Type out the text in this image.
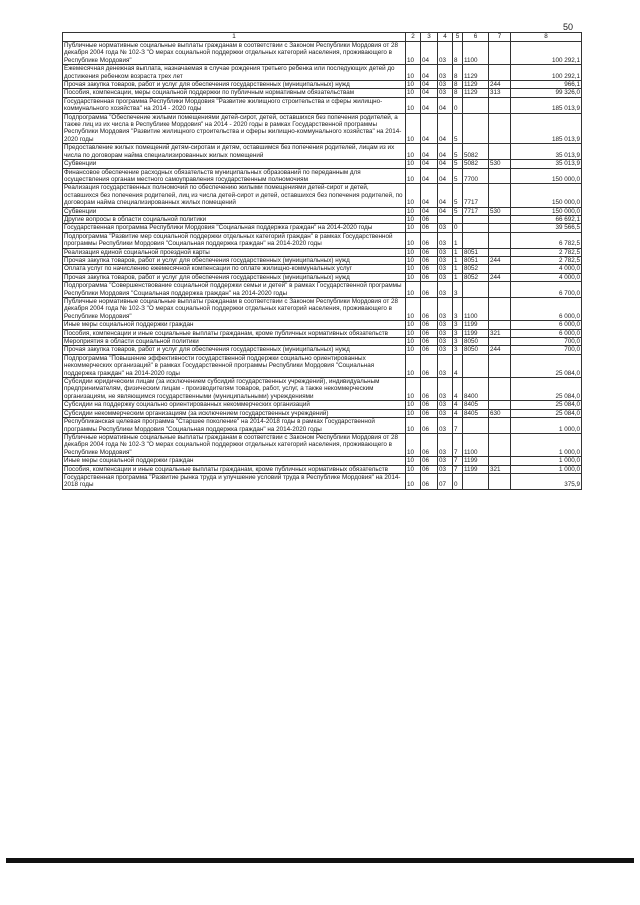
50
1	2	3	4	5	6	7	8
Публичные нормативные социальные выплаты гражданам в соответствии с Законом Республики Мордовия от 28 декабря 2004 года № 102-З "О мерах социальной поддержки отдельных категорий населения, проживающего в Республике Мордовия"	10	04	03	8	1100		100 292,1
Ежемесячная денежная выплата, назначаемая в случае рождения третьего ребенка или последующих детей до достижения ребенком возраста трех лет	10	04	03	8	1129		100 292,1
Прочая закупка товаров, работ и услуг для обеспечения государственных (муниципальных) нужд	10	04	03	8	1129	244	966,1
Пособия, компенсации, меры социальной поддержки по публичным нормативным обязательствам	10	04	03	8	1129	313	99 326,0
Государственная программа Республики Мордовия "Развитие жилищного строительства и сферы жилищно-коммунального хозяйства" на 2014 - 2020 годы	10	04	04	0			185 013,9
Подпрограмма "Обеспечение жилыми помещениями детей-сирот, детей, оставшихся без попечения родителей, а также лиц из их числа в Республике Мордовия" на 2014 - 2020 годы в рамках Государственной программы Республики Мордовия "Развитие жилищного строительства и сферы жилищно-коммунального хозяйства" на 2014-2020 годы	10	04	04	5			185 013,9
Предоставление жилых помещений детям-сиротам и детям, оставшимся без попечения родителей, лицам из их числа по договорам найма специализированных жилых помещений	10	04	04	5	5082		35 013,9
Субвенции	10	04	04	5	5082	530	35 013,9
Финансовое обеспечение расходных обязательств муниципальных образований по переданным для осуществления органам местного самоуправления государственным полномочиям	10	04	04	5	7700		150 000,0
Реализация государственных полномочий по обеспечению жилыми помещениями детей-сирот и детей, оставшихся без попечения родителей, лиц из числа детей-сирот и детей, оставшихся без попечения родителей, по договорам найма специализированных жилых помещений	10	04	04	5	7717		150 000,0
Субвенции	10	04	04	5	7717	530	150 000,0
Другие вопросы в области социальной политики	10	06					66 692,1
Государственная программа Республики Мордовия "Социальная поддержка граждан" на 2014-2020 годы	10	06	03	0			39 566,5
Подпрограмма "Развитие мер социальной поддержки отдельных категорий граждан" в рамках Государственной программы Республики Мордовия "Социальная поддержка граждан" на 2014-2020 годы	10	06	03	1			6 782,5
Реализация единой социальной проездной карты	10	06	03	1	8051		2 782,5
Прочая закупка товаров, работ и услуг для обеспечения государственных (муниципальных) нужд	10	06	03	1	8051	244	2 782,5
Оплата услуг по начислению ежемесячной компенсации по оплате жилищно-коммунальных услуг	10	06	03	1	8052		4 000,0
Прочая закупка товаров, работ и услуг для обеспечения государственных (муниципальных) нужд	10	06	03	1	8052	244	4 000,0
Подпрограмма "Совершенствование социальной поддержки семьи и детей" в рамках Государственной программы Республики Мордовия "Социальная поддержка граждан" на 2014-2020 годы	10	06	03	3			6 700,0
Публичные нормативные социальные выплаты гражданам в соответствии с Законом Республики Мордовия от 28 декабря 2004 года № 102-З "О мерах социальной поддержки отдельных категорий населения, проживающего в Республике Мордовия"	10	06	03	3	1100		6 000,0
Иные меры социальной поддержки граждан	10	06	03	3	1199		6 000,0
Пособия, компенсации и иные социальные выплаты гражданам, кроме публичных нормативных обязательств	10	06	03	3	1199	321	6 000,0
Мероприятия в области социальной политики	10	06	03	3	8050		700,0
Прочая закупка товаров, работ и услуг для обеспечения государственных (муниципальных) нужд	10	06	03	3	8050	244	700,0
Подпрограмма "Повышение эффективности государственной поддержки социально ориентированных некоммерческих организаций" в рамках Государственной программы Республики Мордовия "Социальная поддержка граждан" на 2014-2020 годы	10	06	03	4			25 084,0
Субсидии юридическим лицам (за исключением субсидий государственных учреждений), индивидуальным предпринимателям, физическим лицам - производителям товаров, работ, услуг, а также некоммерческим организациям, не являющимся государственными (муниципальными) учреждениями	10	06	03	4	8400		25 084,0
Субсидии на поддержку социально ориентированных некоммерческих организаций	10	06	03	4	8405		25 084,0
Субсидии некоммерческим организациям (за исключением государственных учреждений)	10	06	03	4	8405	630	25 084,0
Республиканская целевая программа "Старшее поколение" на 2014-2018 годы в рамках Государственной программы Республики Мордовия "Социальная поддержка граждан" на 2014-2020 годы	10	06	03	7			1 000,0
Публичные нормативные социальные выплаты гражданам в соответствии с Законом Республики Мордовия от 28 декабря 2004 года № 102-З "О мерах социальной поддержки отдельных категорий населения, проживающего в Республике Мордовия"	10	06	03	7	1100		1 000,0
Иные меры социальной поддержки граждан	10	06	03	7	1199		1 000,0
Пособия, компенсации и иные социальные выплаты гражданам, кроме публичных нормативных обязательств	10	06	03	7	1199	321	1 000,0
Государственная программа "Развитие рынка труда и улучшение условий труда в Республике Мордовия" на 2014-2018 годы	10	06	07	0			375,9
